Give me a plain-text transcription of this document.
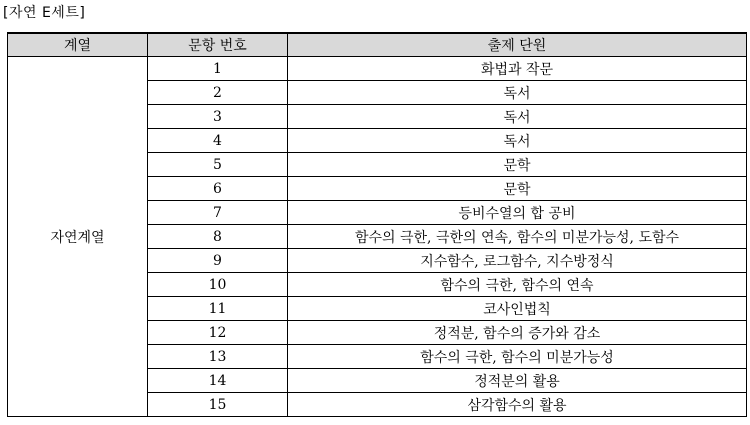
[자연 E세트]
계열	문항 번호	출제 단원
자연계열	1	화법과 작문
	2	독서
	3	독서
	4	독서
	5	문학
	6	문학
	7	등비수열의 합 공비
	8	함수의 극한, 극한의 연속, 함수의 미분가능성, 도함수
	9	지수함수, 로그함수, 지수방정식
	10	함수의 극한, 함수의 연속
	11	코사인법칙
	12	정적분, 함수의 증가와 감소
	13	함수의 극한, 함수의 미분가능성
	14	정적분의 활용
	15	삼각함수의 활용
